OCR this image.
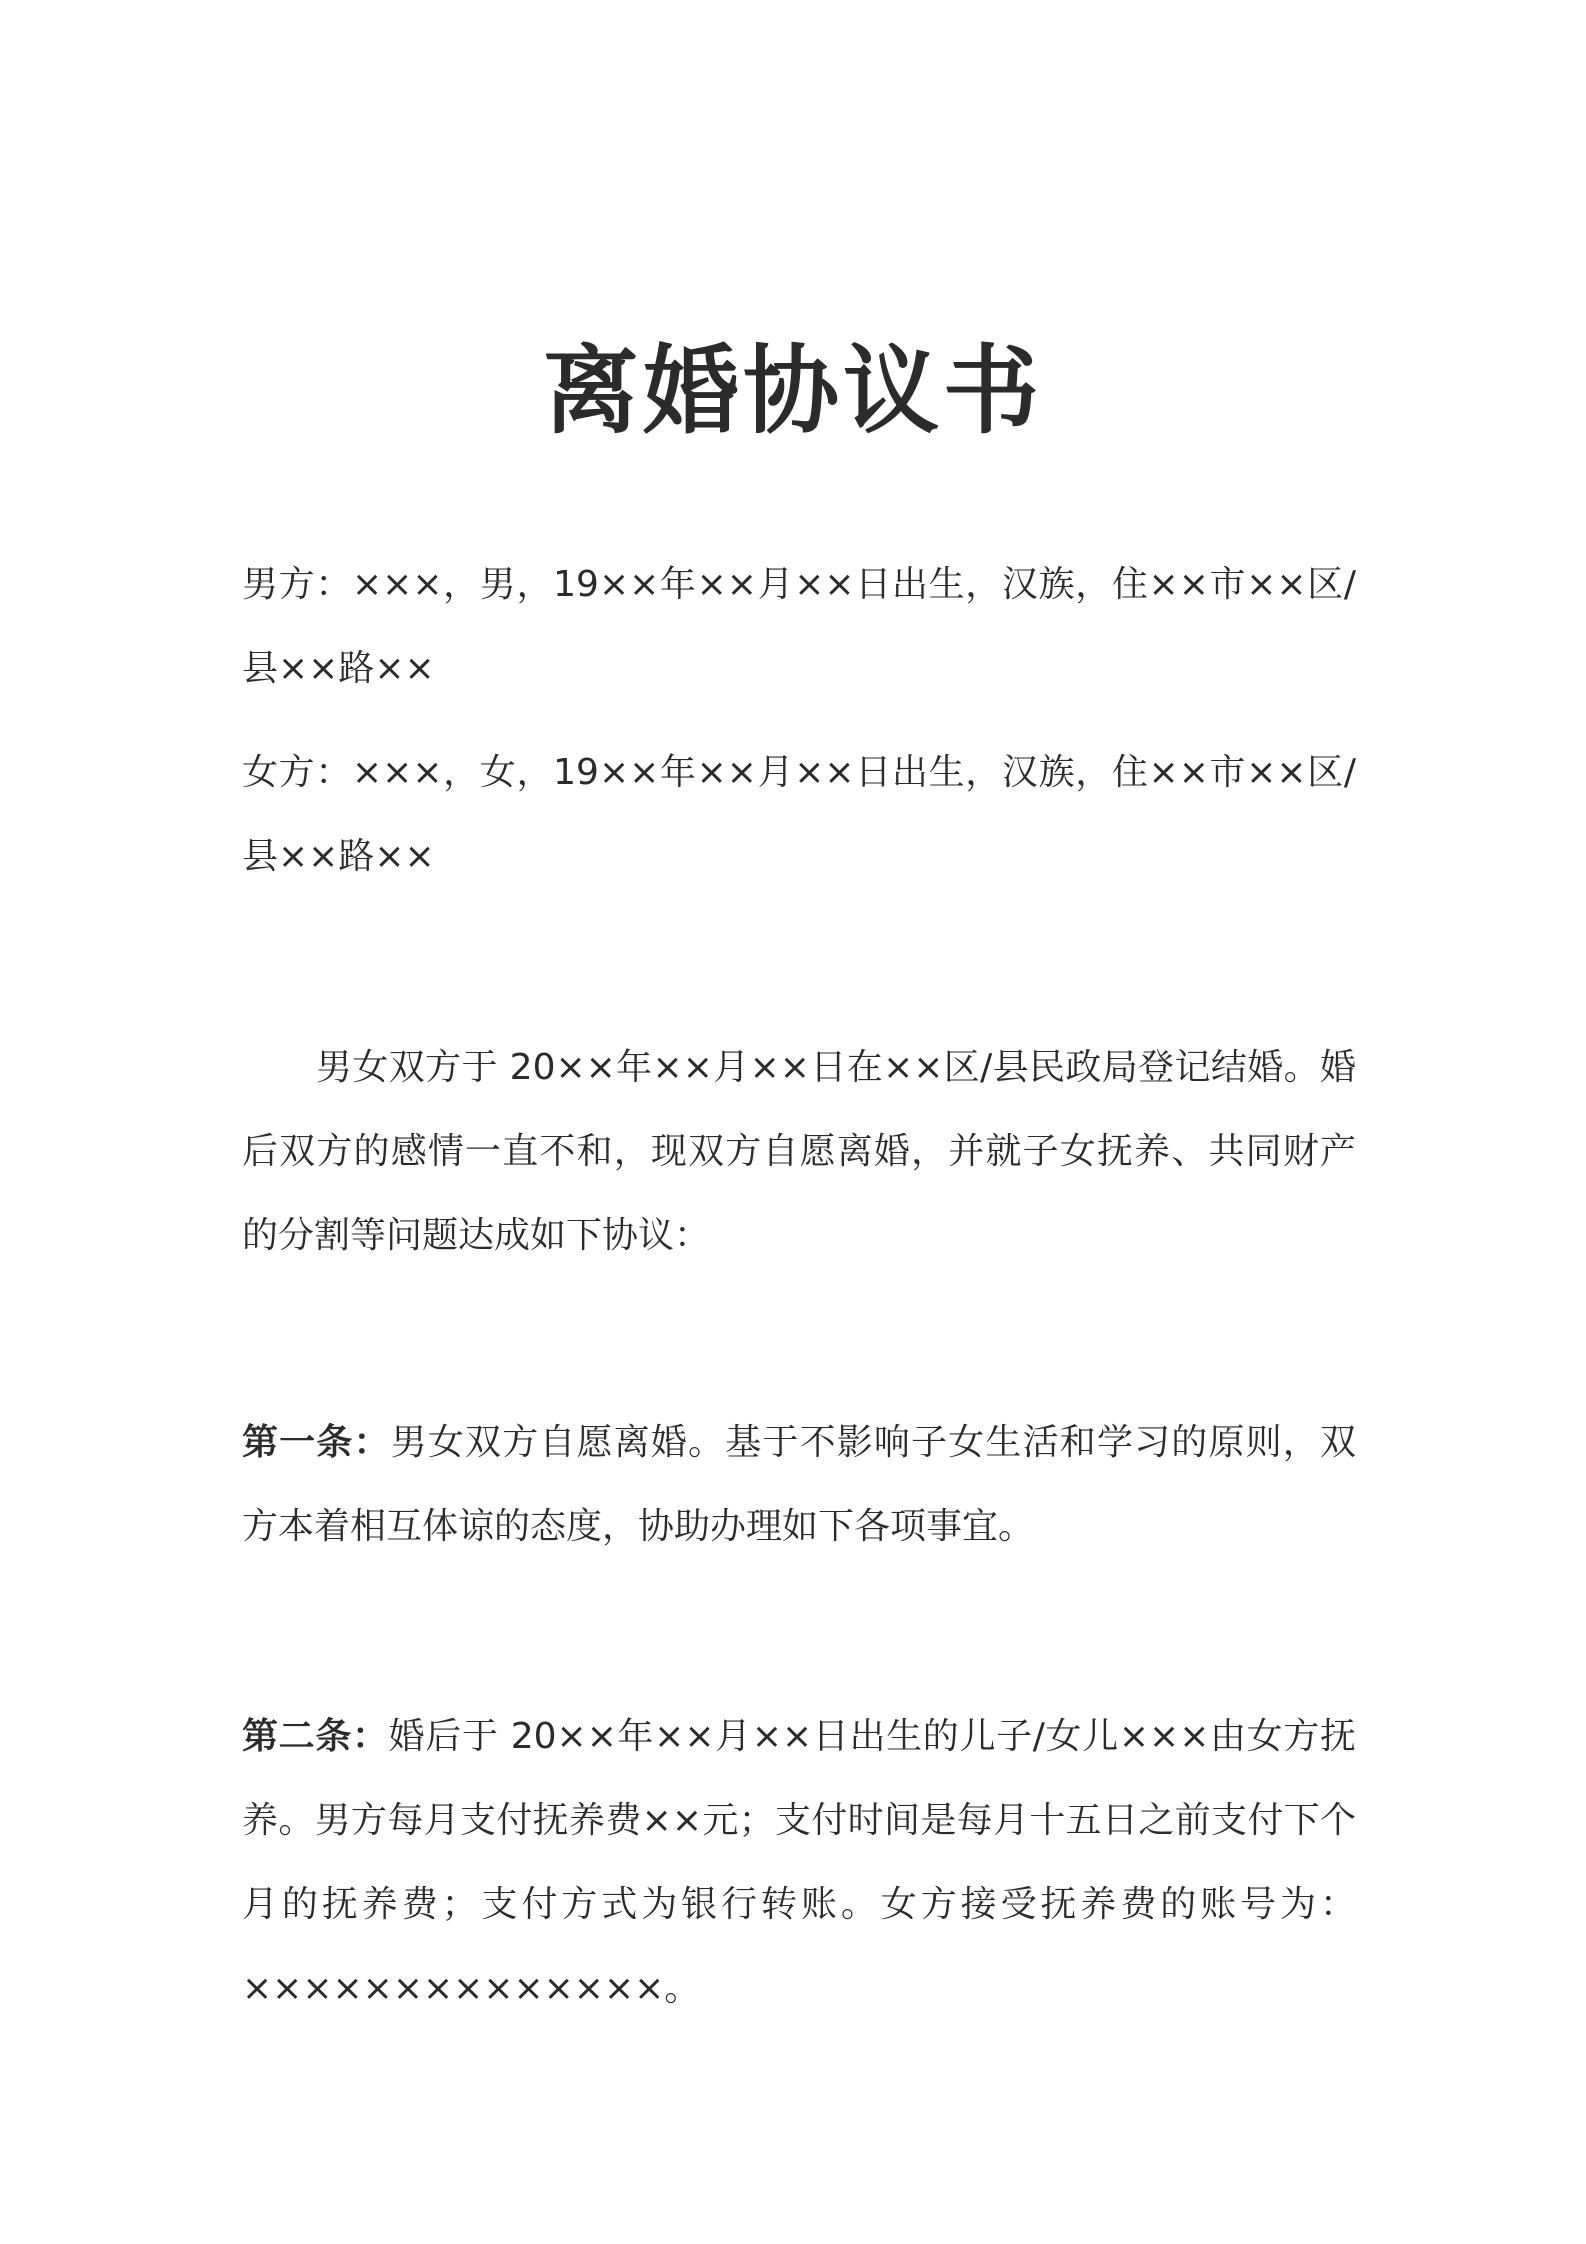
离婚协议书

男方：×××，男，19××年××月××日出生，汉族，住××市××区/县××路××

女方：×××，女，19××年××月××日出生，汉族，住××市××区/县××路××

男女双方于 20××年××月××日在××区/县民政局登记结婚。婚后双方的感情一直不和，现双方自愿离婚，并就子女抚养、共同财产的分割等问题达成如下协议：

第一条：男女双方自愿离婚。基于不影响子女生活和学习的原则，双方本着相互体谅的态度，协助办理如下各项事宜。

第二条：婚后于 20××年××月××日出生的儿子/女儿×××由女方抚养。男方每月支付抚养费××元；支付时间是每月十五日之前支付下个月的抚养费；支付方式为银行转账。女方接受抚养费的账号为：××××××××××××××。
